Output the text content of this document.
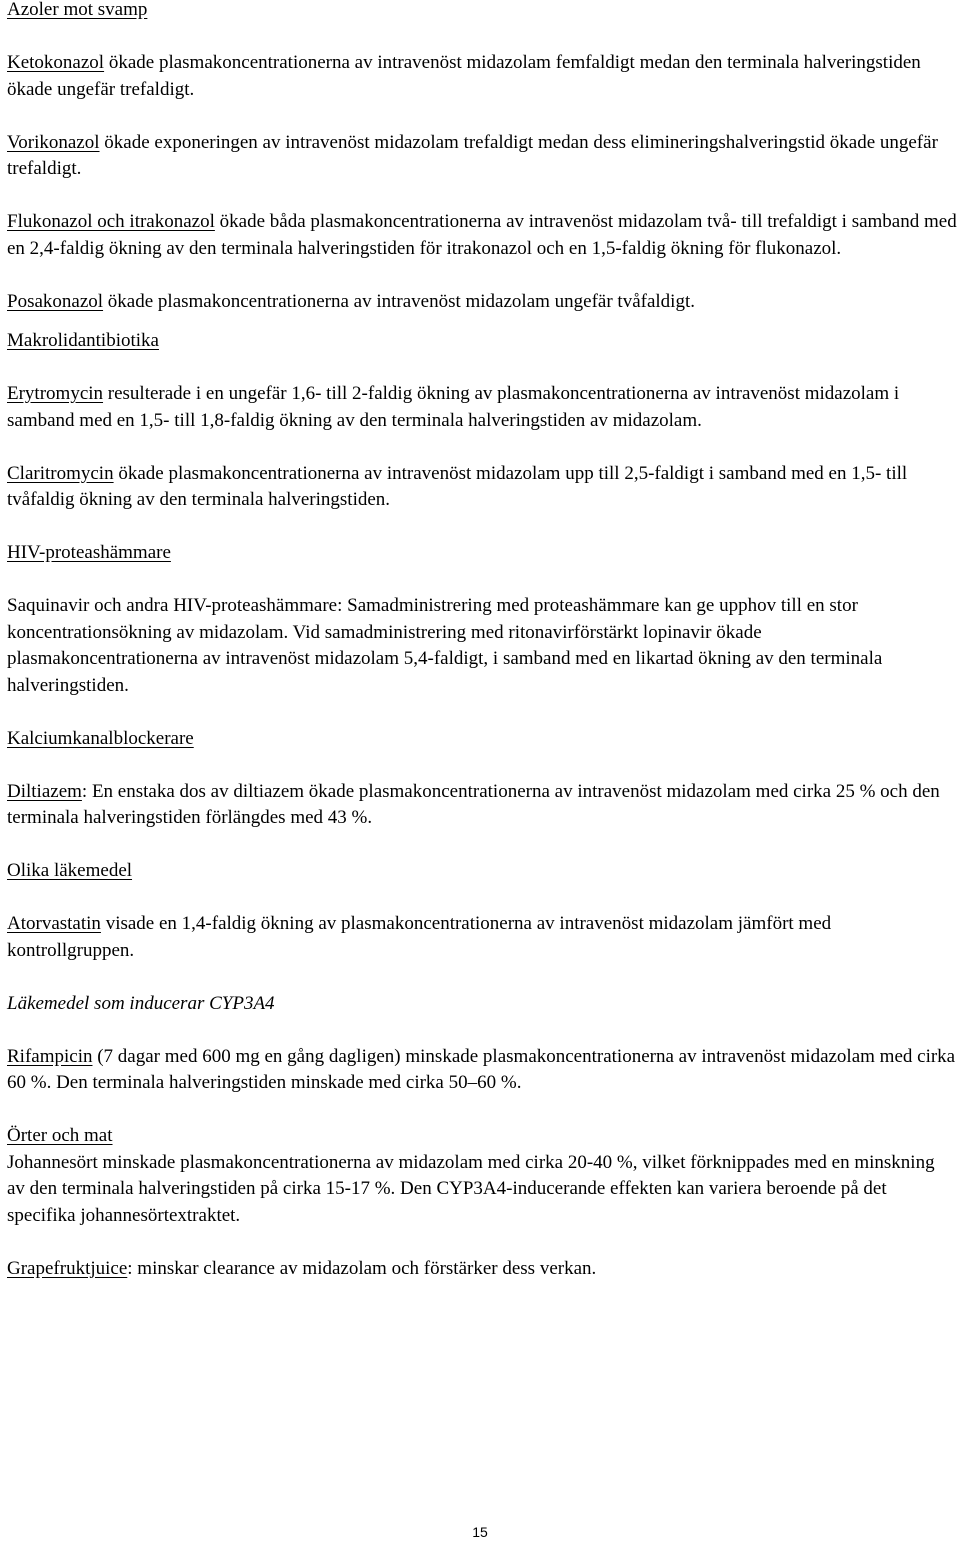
Azoler mot svamp
Ketokonazol ökade plasmakoncentrationerna av intravenöst midazolam femfaldigt medan den terminala halveringstiden ökade ungefär trefaldigt.
Vorikonazol ökade exponeringen av intravenöst midazolam trefaldigt medan dess elimineringshalveringstid ökade ungefär trefaldigt.
Flukonazol och itrakonazol ökade båda plasmakoncentrationerna av intravenöst midazolam två- till trefaldigt i samband med en 2,4-faldig ökning av den terminala halveringstiden för itrakonazol och en 1,5-faldig ökning för flukonazol.
Posakonazol ökade plasmakoncentrationerna av intravenöst midazolam ungefär tvåfaldigt.
Makrolidantibiotika
Erytromycin resulterade i en ungefär 1,6- till 2-faldig ökning av plasmakoncentrationerna av intravenöst midazolam i samband med en 1,5- till 1,8-faldig ökning av den terminala halveringstiden av midazolam.
Claritromycin ökade plasmakoncentrationerna av intravenöst midazolam upp till 2,5-faldigt i samband med en 1,5- till tvåfaldig ökning av den terminala halveringstiden.
HIV-proteashämmare
Saquinavir och andra HIV-proteashämmare: Samadministrering med proteashämmare kan ge upphov till en stor koncentrationsökning av midazolam. Vid samadministrering med ritonavirförstärkt lopinavir ökade plasmakoncentrationerna av intravenöst midazolam 5,4-faldigt, i samband med en likartad ökning av den terminala halveringstiden.
Kalciumkanalblockerare
Diltiazem: En enstaka dos av diltiazem ökade plasmakoncentrationerna av intravenöst midazolam med cirka 25 % och den terminala halveringstiden förlängdes med 43 %.
Olika läkemedel
Atorvastatin visade en 1,4-faldig ökning av plasmakoncentrationerna av intravenöst midazolam jämfört med kontrollgruppen.
Läkemedel som inducerar CYP3A4
Rifampicin (7 dagar med 600 mg en gång dagligen) minskade plasmakoncentrationerna av intravenöst midazolam med cirka 60 %. Den terminala halveringstiden minskade med cirka 50–60 %.
Örter och mat
Johannesört minskade plasmakoncentrationerna av midazolam med cirka 20-40 %, vilket förknippades med en minskning av den terminala halveringstiden på cirka 15-17 %. Den CYP3A4-inducerande effekten kan variera beroende på det specifika johannesörtextraktet.
Grapefruktjuice: minskar clearance av midazolam och förstärker dess verkan.
15
